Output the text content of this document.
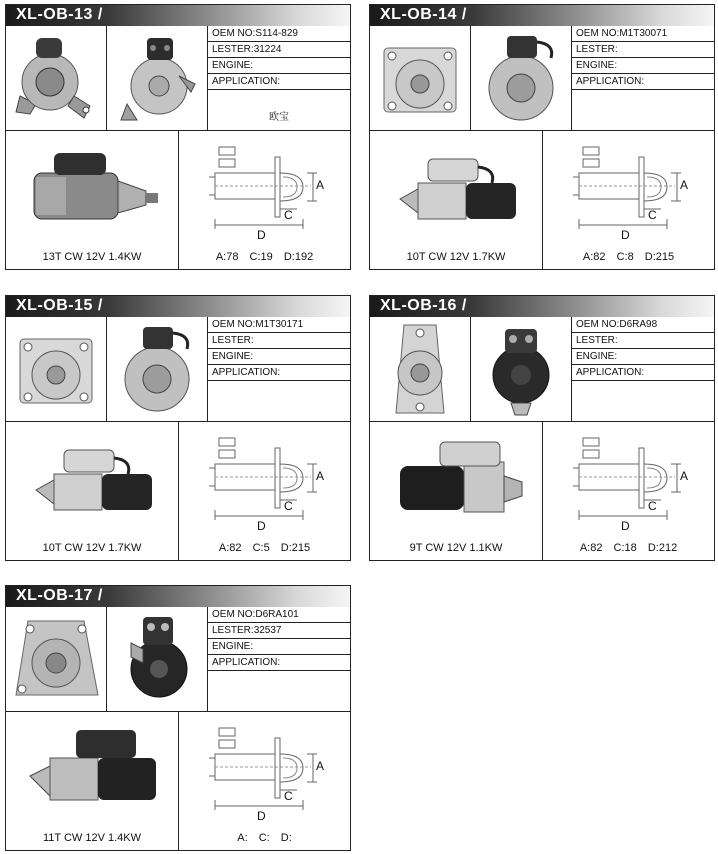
XL-OB-13 /
OEM NO:S114-829
LESTER:31224
ENGINE:
APPLICATION:
欧宝
13T CW 12V 1.4KW
A
C
D
A:78 C:19 D:192
XL-OB-14 /
OEM NO:M1T30071
LESTER:
ENGINE:
APPLICATION:
10T CW 12V 1.7KW
A
C
D
A:82 C:8 D:215
XL-OB-15 /
OEM NO:M1T30171
LESTER:
ENGINE:
APPLICATION:
10T CW 12V 1.7KW
A
C
D
A:82 C:5 D:215
XL-OB-16 /
OEM NO:D6RA98
LESTER:
ENGINE:
APPLICATION:
9T CW 12V 1.1KW
A
C
D
A:82 C:18 D:212
XL-OB-17 /
OEM NO:D6RA101
LESTER:32537
ENGINE:
APPLICATION:
11T CW 12V 1.4KW
A
C
D
A: C: D:
